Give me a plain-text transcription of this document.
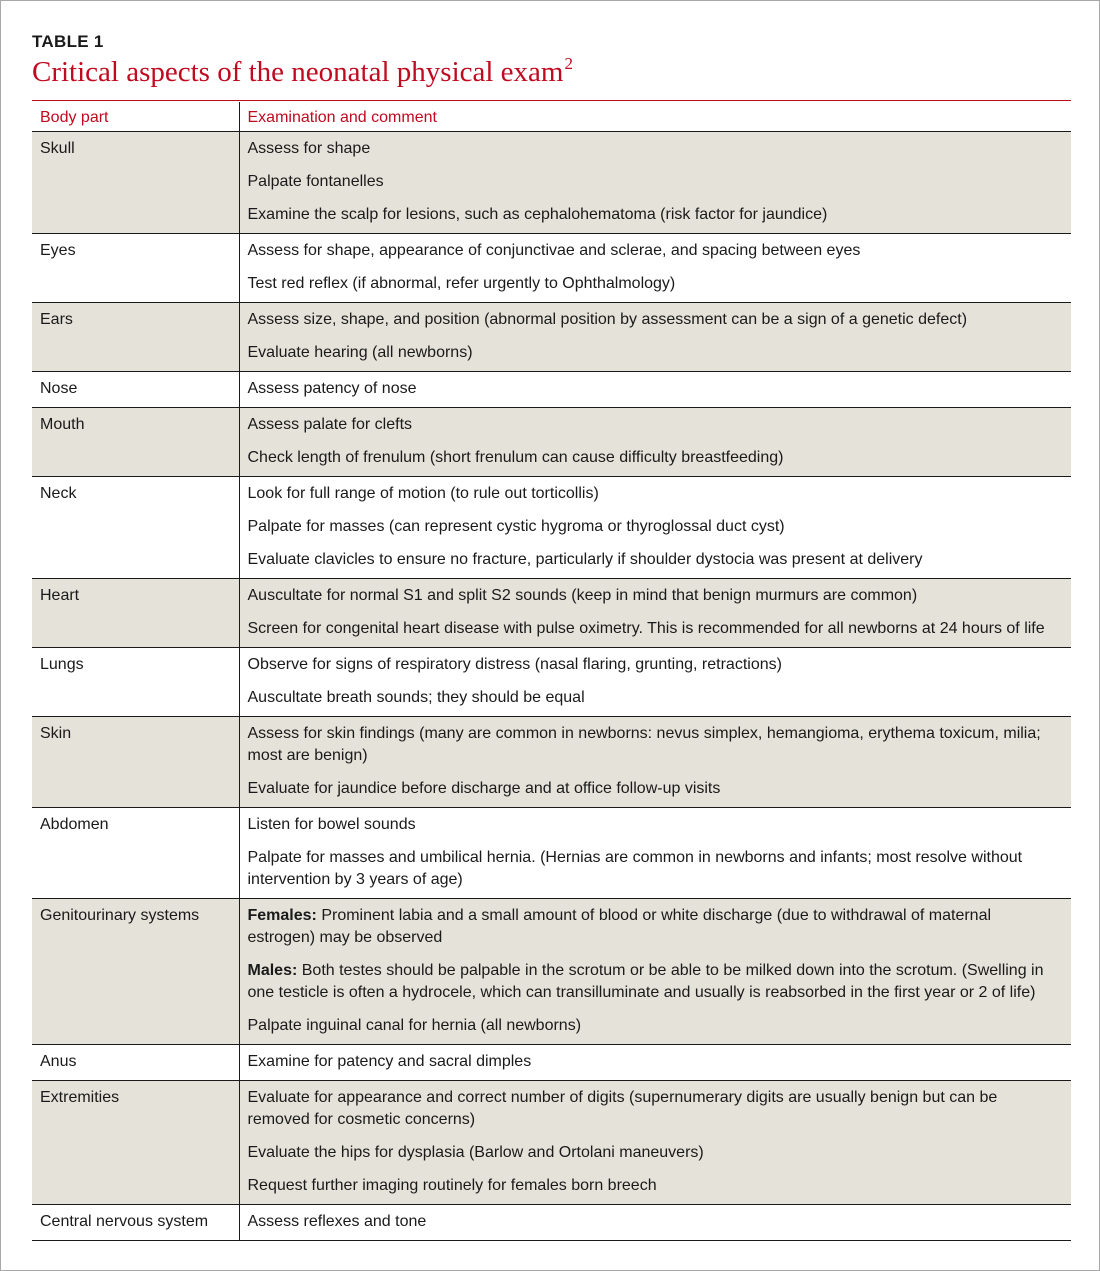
TABLE 1
Critical aspects of the neonatal physical exam$^2$
Body part	Examination and comment
Skull	Assess for shape
Palpate fontanelles
Examine the scalp for lesions, such as cephalohematoma (risk factor for jaundice)

Eyes	Assess for shape, appearance of conjunctivae and sclerae, and spacing between eyes
Test red reflex (if abnormal, refer urgently to Ophthalmology)

Ears	Assess size, shape, and position (abnormal position by assessment can be a sign of a genetic defect)
Evaluate hearing (all newborns)

Nose	Assess patency of nose

Mouth	Assess palate for clefts
Check length of frenulum (short frenulum can cause difficulty breastfeeding)

Neck	Look for full range of motion (to rule out torticollis)
Palpate for masses (can represent cystic hygroma or thyroglossal duct cyst)
Evaluate clavicles to ensure no fracture, particularly if shoulder dystocia was present at delivery

Heart	Auscultate for normal S1 and split S2 sounds (keep in mind that benign murmurs are common)
Screen for congenital heart disease with pulse oximetry. This is recommended for all newborns at 24 hours of life

Lungs	Observe for signs of respiratory distress (nasal flaring, grunting, retractions)
Auscultate breath sounds; they should be equal

Skin	Assess for skin findings (many are common in newborns: nevus simplex, hemangioma, erythema toxicum, milia; most are benign)
Evaluate for jaundice before discharge and at office follow-up visits

Abdomen	Listen for bowel sounds
Palpate for masses and umbilical hernia. (Hernias are common in newborns and infants; most resolve without intervention by 3 years of age)

Genitourinary systems	Females: Prominent labia and a small amount of blood or white discharge (due to withdrawal of maternal estrogen) may be observed
Males: Both testes should be palpable in the scrotum or be able to be milked down into the scrotum. (Swelling in one testicle is often a hydrocele, which can transilluminate and usually is reabsorbed in the first year or 2 of life)
Palpate inguinal canal for hernia (all newborns)

Anus	Examine for patency and sacral dimples

Extremities	Evaluate for appearance and correct number of digits (supernumerary digits are usually benign but can be removed for cosmetic concerns)
Evaluate the hips for dysplasia (Barlow and Ortolani maneuvers)
Request further imaging routinely for females born breech

Central nervous system	Assess reflexes and tone
